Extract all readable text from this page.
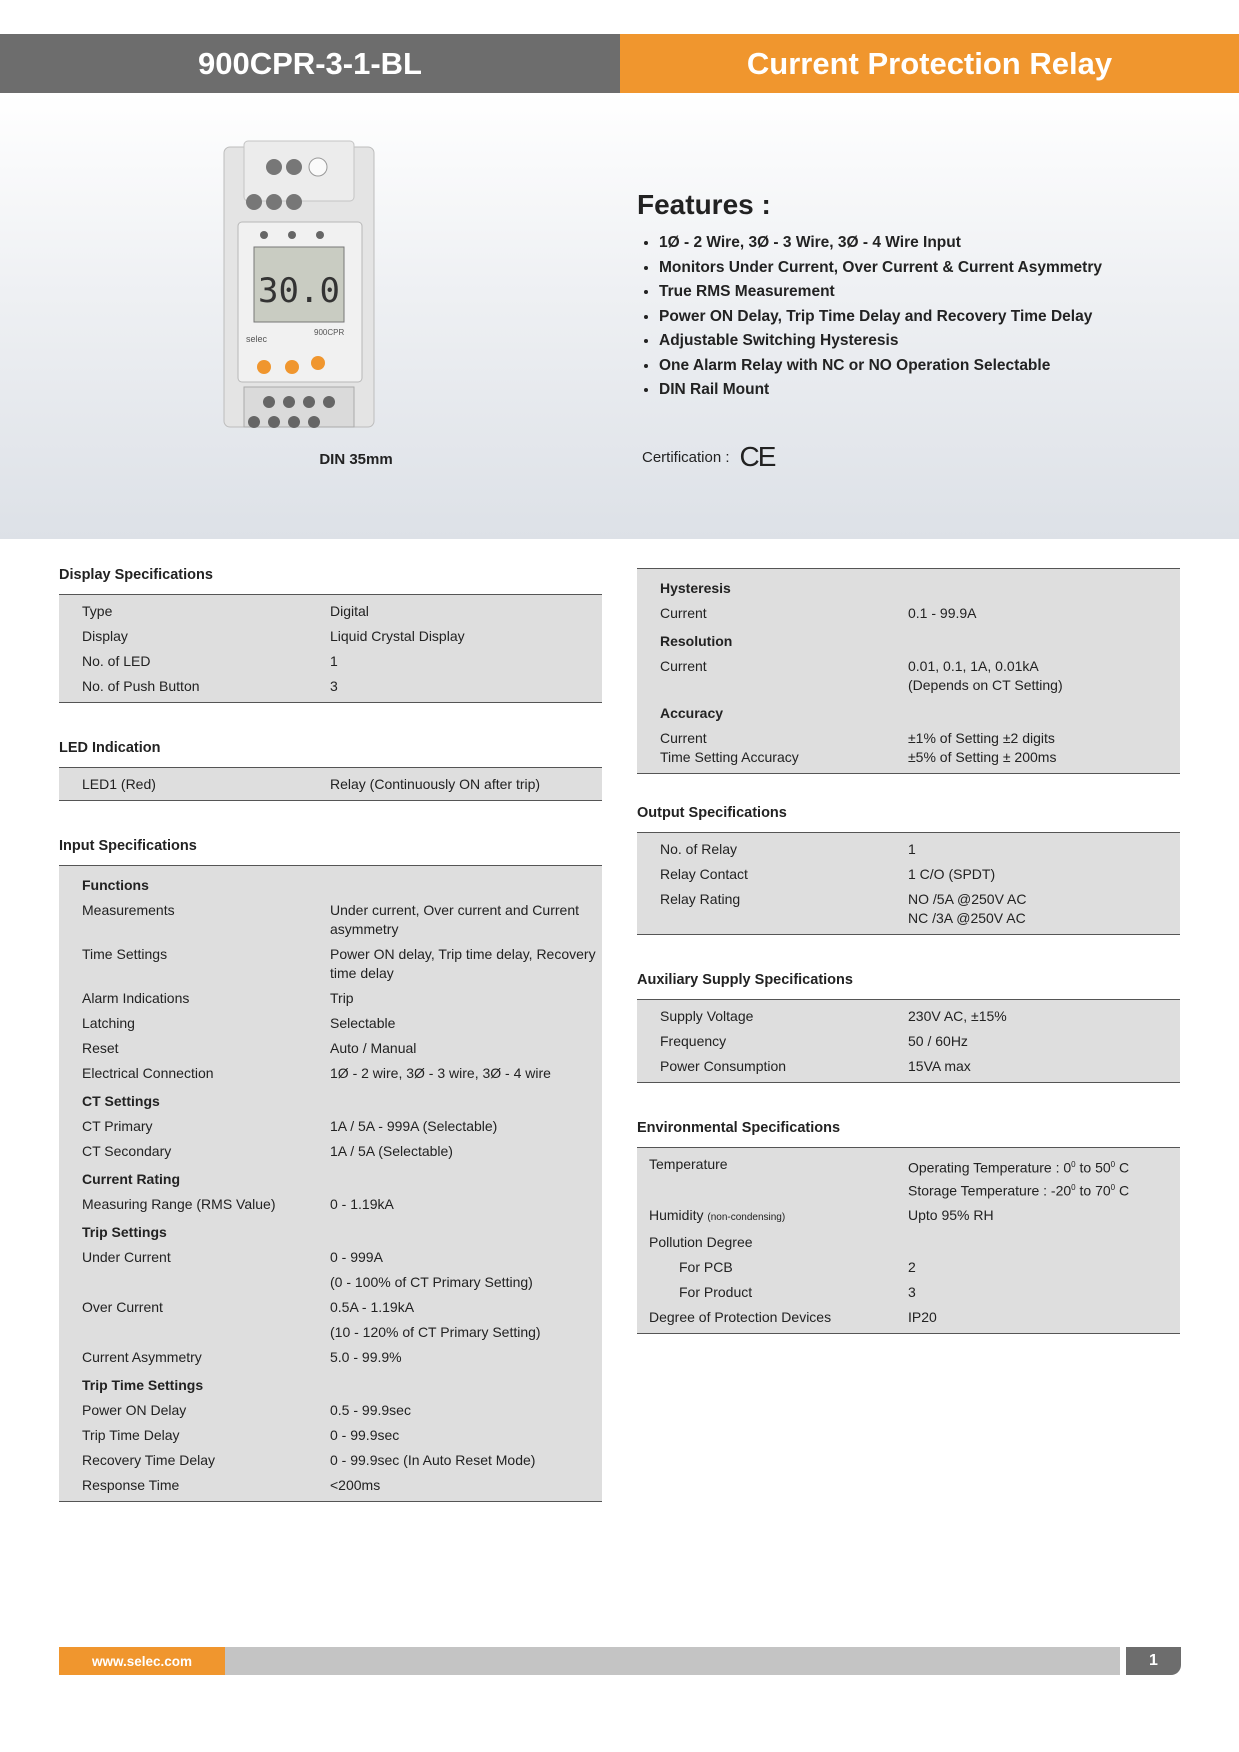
900CPR-3-1-BL	Current Protection Relay
30.0
selec
900CPR
DIN 35mm
Features :
• 1Ø - 2 Wire, 3Ø - 3 Wire, 3Ø - 4 Wire Input
• Monitors Under Current, Over Current & Current Asymmetry
• True RMS Measurement
• Power ON Delay, Trip Time Delay and Recovery Time Delay
• Adjustable Switching Hysteresis
• One Alarm Relay with NC or NO Operation Selectable
• DIN Rail Mount
Certification : CE
Display Specifications
Type	Digital
Display	Liquid Crystal Display
No. of LED	1
No. of Push Button	3
LED Indication
LED1 (Red)	Relay (Continuously ON after trip)
Input Specifications
Functions
Measurements	Under current, Over current and Current asymmetry
Time Settings	Power ON delay, Trip time delay, Recovery time delay
Alarm Indications	Trip
Latching	Selectable
Reset	Auto / Manual
Electrical Connection	1Ø - 2 wire, 3Ø - 3 wire, 3Ø - 4 wire
CT Settings
CT Primary	1A / 5A - 999A (Selectable)
CT Secondary	1A / 5A (Selectable)
Current Rating
Measuring Range (RMS Value)	0 - 1.19kA
Trip Settings
Under Current	0 - 999A
(0 - 100% of CT Primary Setting)
Over Current	0.5A - 1.19kA
(10 - 120% of CT Primary Setting)
Current Asymmetry	5.0 - 99.9%
Trip Time Settings
Power ON Delay	0.5 - 99.9sec
Trip Time Delay	0 - 99.9sec
Recovery Time Delay	0 - 99.9sec (In Auto Reset Mode)
Response Time	<200ms
Hysteresis
Current	0.1 - 99.9A
Resolution
Current	0.01, 0.1, 1A, 0.01kA
(Depends on CT Setting)
Accuracy
Current	±1% of Setting ±2 digits
Time Setting Accuracy	±5% of Setting ± 200ms
Output Specifications
No. of Relay	1
Relay Contact	1 C/O (SPDT)
Relay Rating	NO /5A @250V AC
NC /3A @250V AC
Auxiliary Supply Specifications
Supply Voltage	230V AC, ±15%
Frequency	50 / 60Hz
Power Consumption	15VA max
Environmental Specifications
Temperature	Operating Temperature : $0^0$ to $50^0$ C
Storage Temperature : $-20^0$ to $70^0$ C
Humidity (non-condensing)	Upto 95% RH
Pollution Degree
For PCB	2
For Product	3
Degree of Protection Devices	IP20
www.selec.com	1
